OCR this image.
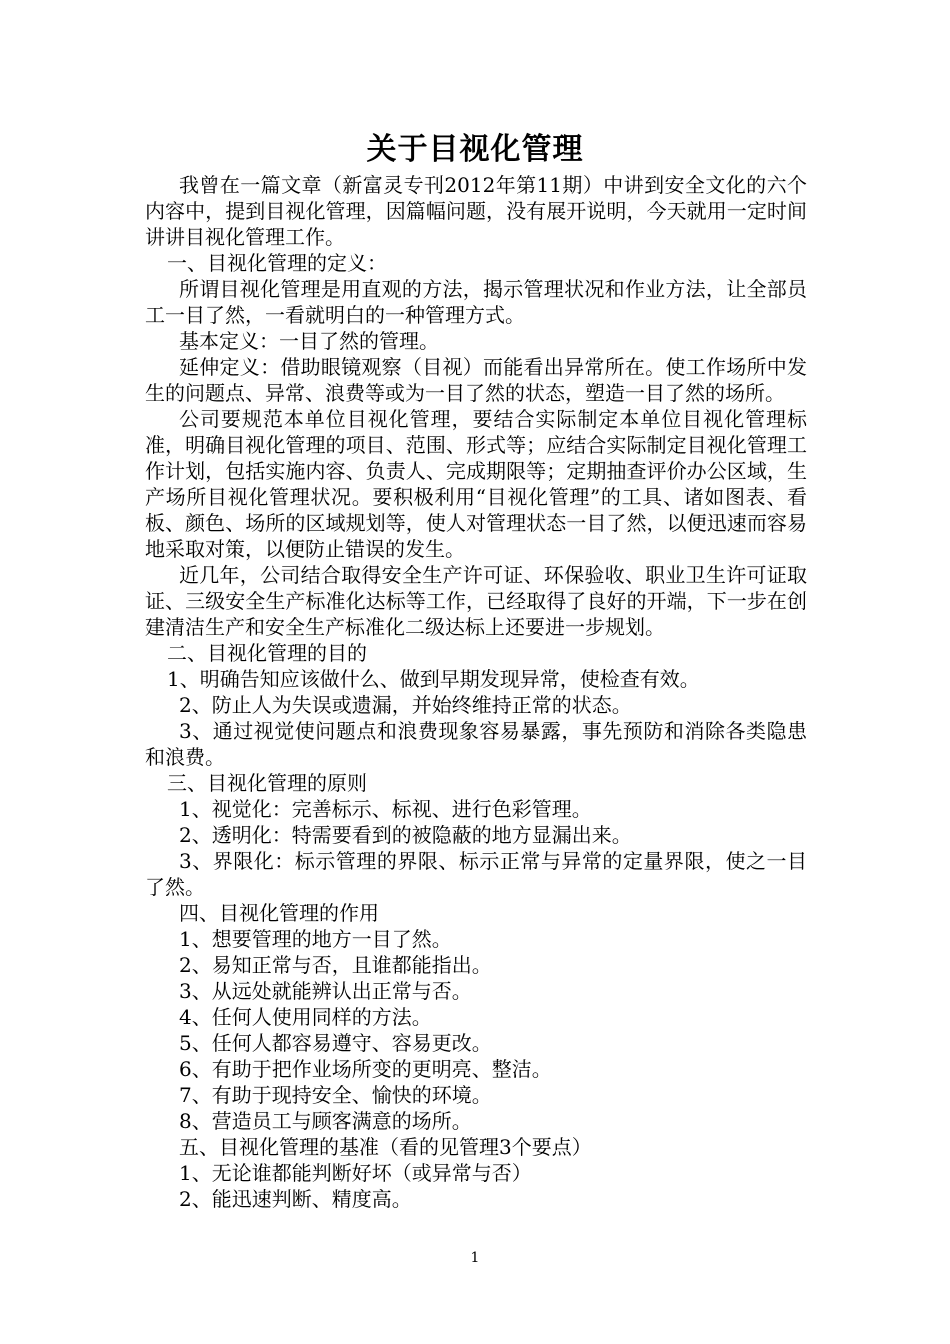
关于目视化管理

我曾在一篇文章（新富灵专刊2012年第11期）中讲到安全文化的六个内容中，提到目视化管理，因篇幅问题，没有展开说明，今天就用一定时间讲讲目视化管理工作。

一、目视化管理的定义：

所谓目视化管理是用直观的方法，揭示管理状况和作业方法，让全部员工一目了然，一看就明白的一种管理方式。

基本定义：一目了然的管理。

延伸定义：借助眼镜观察（目视）而能看出异常所在。使工作场所中发生的问题点、异常、浪费等或为一目了然的状态，塑造一目了然的场所。

公司要规范本单位目视化管理，要结合实际制定本单位目视化管理标准，明确目视化管理的项目、范围、形式等；应结合实际制定目视化管理工作计划，包括实施内容、负责人、完成期限等；定期抽查评价办公区域，生产场所目视化管理状况。要积极利用“目视化管理”的工具、诸如图表、看板、颜色、场所的区域规划等，使人对管理状态一目了然，以便迅速而容易地采取对策，以便防止错误的发生。

近几年，公司结合取得安全生产许可证、环保验收、职业卫生许可证取证、三级安全生产标准化达标等工作，已经取得了良好的开端，下一步在创建清洁生产和安全生产标准化二级达标上还要进一步规划。

二、目视化管理的目的

1、明确告知应该做什么、做到早期发现异常，使检查有效。

2、防止人为失误或遗漏，并始终维持正常的状态。

3、通过视觉使问题点和浪费现象容易暴露，事先预防和消除各类隐患和浪费。

三、目视化管理的原则

1、视觉化：完善标示、标视、进行色彩管理。

2、透明化：特需要看到的被隐蔽的地方显漏出来。

3、界限化：标示管理的界限、标示正常与异常的定量界限，使之一目了然。

四、目视化管理的作用

1、想要管理的地方一目了然。

2、易知正常与否，且谁都能指出。

3、从远处就能辨认出正常与否。

4、任何人使用同样的方法。

5、任何人都容易遵守、容易更改。

6、有助于把作业场所变的更明亮、整洁。

7、有助于现持安全、愉快的环境。

8、营造员工与顾客满意的场所。

五、目视化管理的基准（看的见管理3个要点）

1、无论谁都能判断好坏（或异常与否）

2、能迅速判断、精度高。

1
